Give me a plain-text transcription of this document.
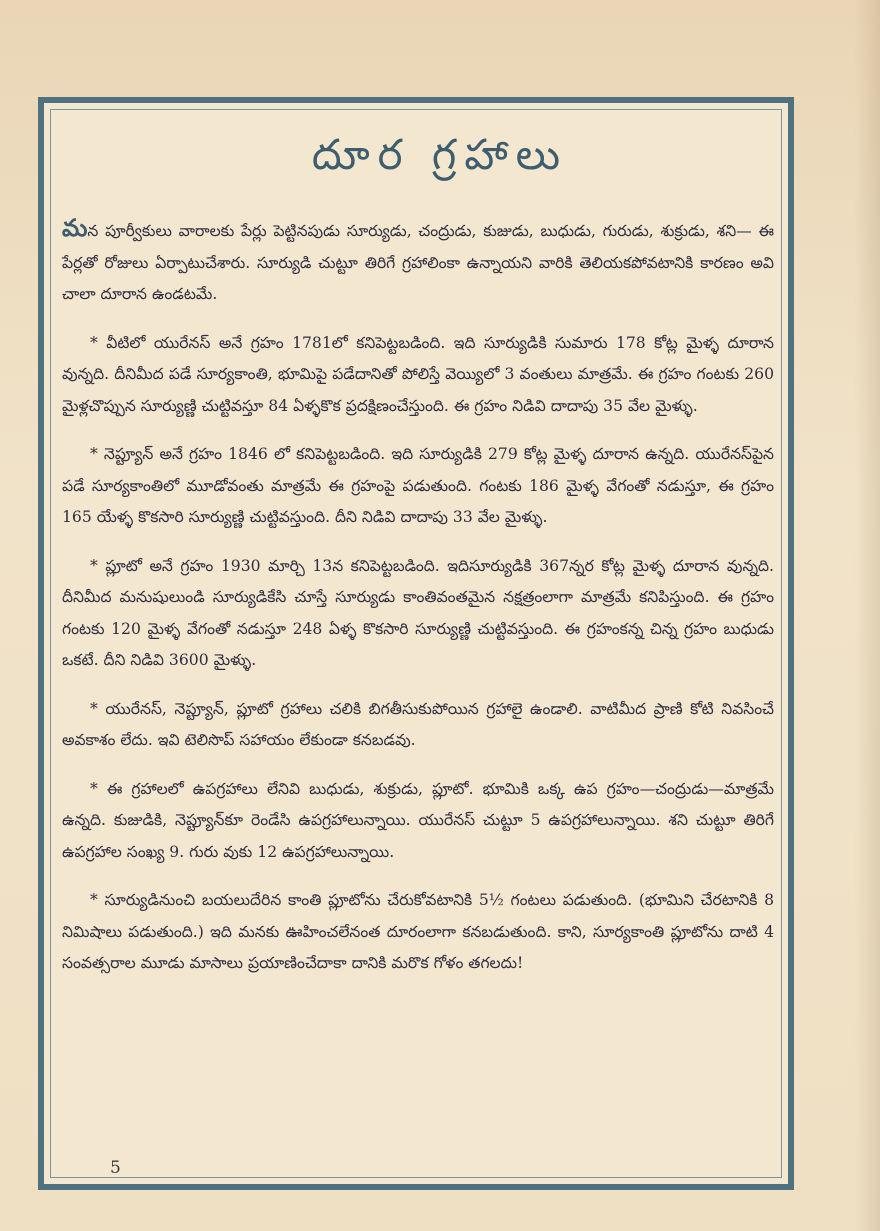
దూర గ్రహాలు

మన పూర్వీకులు వారాలకు పేర్లు పెట్టినపుడు సూర్యుడు, చంద్రుడు, కుజుడు, బుధుడు, గురుడు, శుక్రుడు, శని— ఈ పేర్లతో రోజులు ఏర్పాటుచేశారు. సూర్యుడి చుట్టూ తిరిగే గ్రహాలింకా ఉన్నాయని వారికి తెలియకపోవటానికి కారణం అవి చాలా దూరాన ఉండటమే.

* వీటిలో యురేనస్ అనే గ్రహం 1781లో కనిపెట్టబడింది. ఇది సూర్యుడికి సుమారు 178 కోట్ల మైళ్ళ దూరాన వున్నది. దీనిమీద పడే సూర్యకాంతి, భూమిపై పడేదానితో పోలిస్తే వెయ్యిలో 3 వంతులు మాత్రమే. ఈ గ్రహం గంటకు 260 మైళ్లచొప్పున సూర్యుణ్ణి చుట్టివస్తూ 84 ఏళ్ళకొక ప్రదక్షిణంచేస్తుంది. ఈ గ్రహం నిడివి దాదాపు 35 వేల మైళ్ళు.

* నెప్ట్యూన్ అనే గ్రహం 1846 లో కనిపెట్టబడింది. ఇది సూర్యుడికి 279 కోట్ల మైళ్ళ దూరాన ఉన్నది. యురేనస్‌పైన పడే సూర్యకాంతిలో మూడోవంతు మాత్రమే ఈ గ్రహంపై పడుతుంది. గంటకు 186 మైళ్ళ వేగంతో నడుస్తూ, ఈ గ్రహం 165 యేళ్ళ కొకసారి సూర్యుణ్ణి చుట్టివస్తుంది. దీని నిడివి దాదాపు 33 వేల మైళ్ళు.

* ప్లూటో అనే గ్రహం 1930 మార్చి 13న కనిపెట్టబడింది. ఇదిసూర్యుడికి 367న్నర కోట్ల మైళ్ళ దూరాన వున్నది. దీనిమీద మనుషులుండి సూర్యుడికేసి చూస్తే సూర్యుడు కాంతివంతమైన నక్షత్రంలాగా మాత్రమే కనిపిస్తుంది. ఈ గ్రహం గంటకు 120 మైళ్ళ వేగంతో నడుస్తూ 248 ఏళ్ళ కొకసారి సూర్యుణ్ణి చుట్టివస్తుంది. ఈ గ్రహంకన్న చిన్న గ్రహం బుధుడు ఒకటే. దీని నిడివి 3600 మైళ్ళు.

* యురేనస్, నెప్ట్యూన్, ప్లూటో గ్రహాలు చలికి బిగతీసుకుపోయిన గ్రహాలై ఉండాలి. వాటిమీద ప్రాణి కోటి నివసించే అవకాశం లేదు. ఇవి టెలిసొప్ సహాయం లేకుండా కనబడవు.

* ఈ గ్రహాలలో ఉపగ్రహాలు లేనివి బుధుడు, శుక్రుడు, ప్లూటో. భూమికి ఒక్క ఉప గ్రహం—చంద్రుడు—మాత్రమే ఉన్నది. కుజుడికి, నెప్ట్యూన్‌కూ రెండేసి ఉపగ్రహాలున్నాయి. యురేనస్ చుట్టూ 5 ఉపగ్రహాలున్నాయి. శని చుట్టూ తిరిగే ఉపగ్రహాల సంఖ్య 9. గురు వుకు 12 ఉపగ్రహాలున్నాయి.

* సూర్యుడినుంచి బయలుదేరిన కాంతి ప్లూటోను చేరుకోవటానికి 5½ గంటలు పడుతుంది. (భూమిని చేరటానికి 8 నిమిషాలు పడుతుంది.) ఇది మనకు ఊహించలేనంత దూరంలాగా కనబడుతుంది. కాని, సూర్యకాంతి ప్లూటోను దాటి 4 సంవత్సరాల మూడు మాసాలు ప్రయాణించేదాకా దానికి మరొక గోళం తగలదు!

5
